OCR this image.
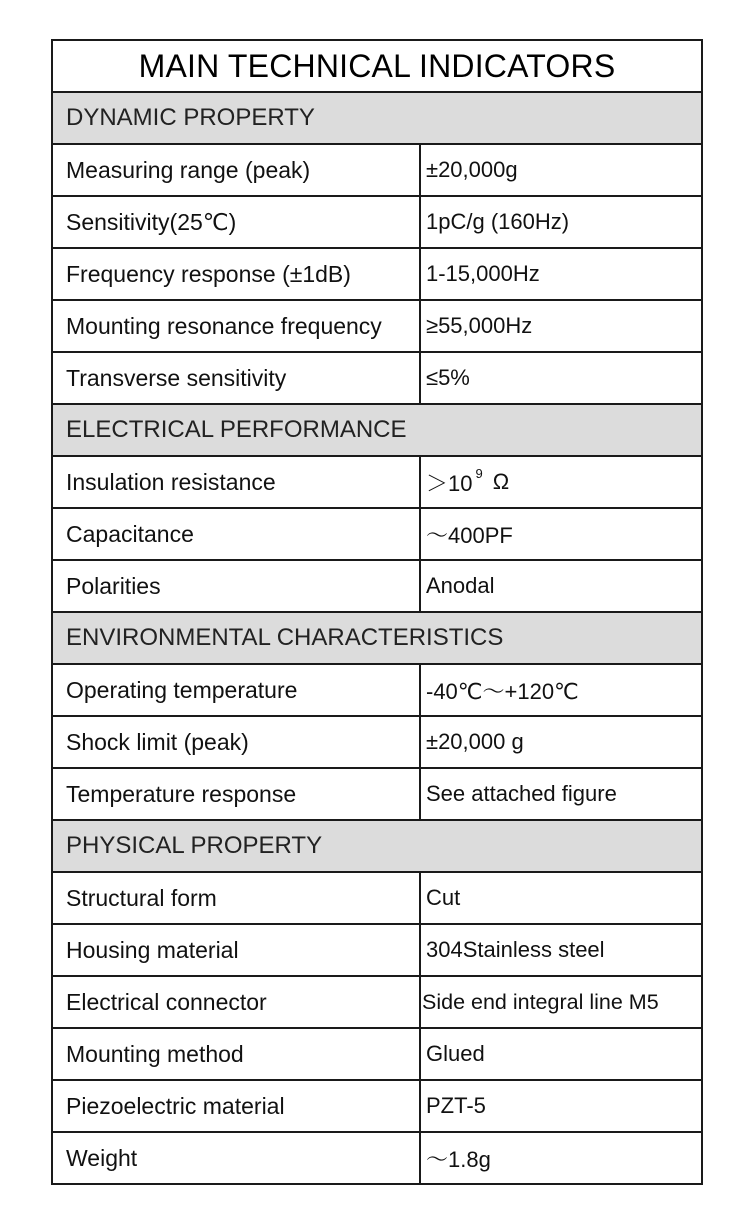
MAIN TECHNICAL INDICATORS
DYNAMIC PROPERTY
Measuring range (peak)	±20,000g
Sensitivity(25℃)	1pC/g (160Hz)
Frequency response (±1dB)	1-15,000Hz
Mounting resonance frequency	≥55,000Hz
Transverse sensitivity	≤5%
ELECTRICAL PERFORMANCE
Insulation resistance	＞10 9 Ω
Capacitance	～400PF
Polarities	Anodal
ENVIRONMENTAL CHARACTERISTICS
Operating temperature	-40℃～+120℃
Shock limit (peak)	±20,000 g
Temperature response	See attached figure
PHYSICAL PROPERTY
Structural form	Cut
Housing material	304Stainless steel
Electrical connector	Side end integral line M5
Mounting method	Glued
Piezoelectric material	PZT-5
Weight	～1.8g
